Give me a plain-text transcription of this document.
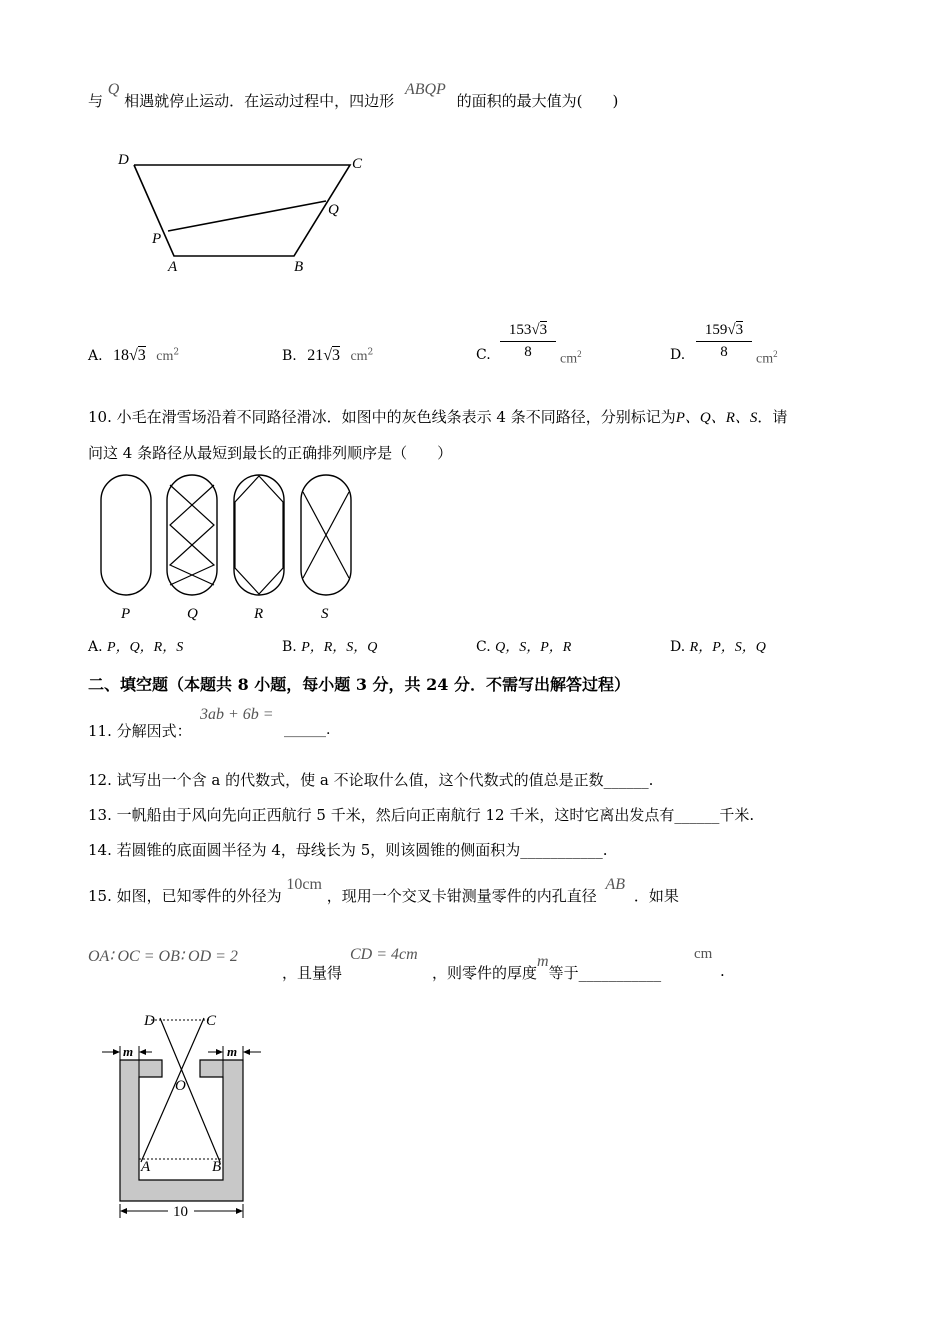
与 Q 相遇就停止运动．在运动过程中，四边形 ABQP 的面积的最大值为(　　)
D	C
Q
P
A	B
A. 18√3 $cm^2$	B. 21√3 $cm^2$	C.
153√3
8	$cm^2$	D.
159√3
8	$cm^2$
10. 小毛在滑雪场沿着不同路径滑冰．如图中的灰色线条表示 4 条不同路径，分别标记为P、Q、R、S．请
问这 4 条路径从最短到最长的正确排列顺序是（　　）
P	Q	R	S
A. P，Q，R，S	B. P，R，S，Q	C. Q，S，P，R	D. R，P，S，Q
二、填空题（本题共 8 小题，每小题 3 分，共 24 分．不需写出解答过程）
11. 分解因式：
3ab + 6b =
______.
12. 试写出一个含 a 的代数式，使 a 不论取什么值，这个代数式的值总是正数______.
13. 一帆船由于风向先向正西航行 5 千米，然后向正南航行 12 千米，这时它离出发点有______千米.
14. 若圆锥的底面圆半径为 4，母线长为 5，则该圆锥的侧面积为___________.
15. 如图，已知零件的外径为 10cm ，现用一个交叉卡钳测量零件的内孔直径 AB ．如果
OA∶ OC = OB∶ OD = 2
，且量得
CD = 4cm
，则零件的厚度m等于___________
cm
.
D	C
O
A	B
m	m
10
